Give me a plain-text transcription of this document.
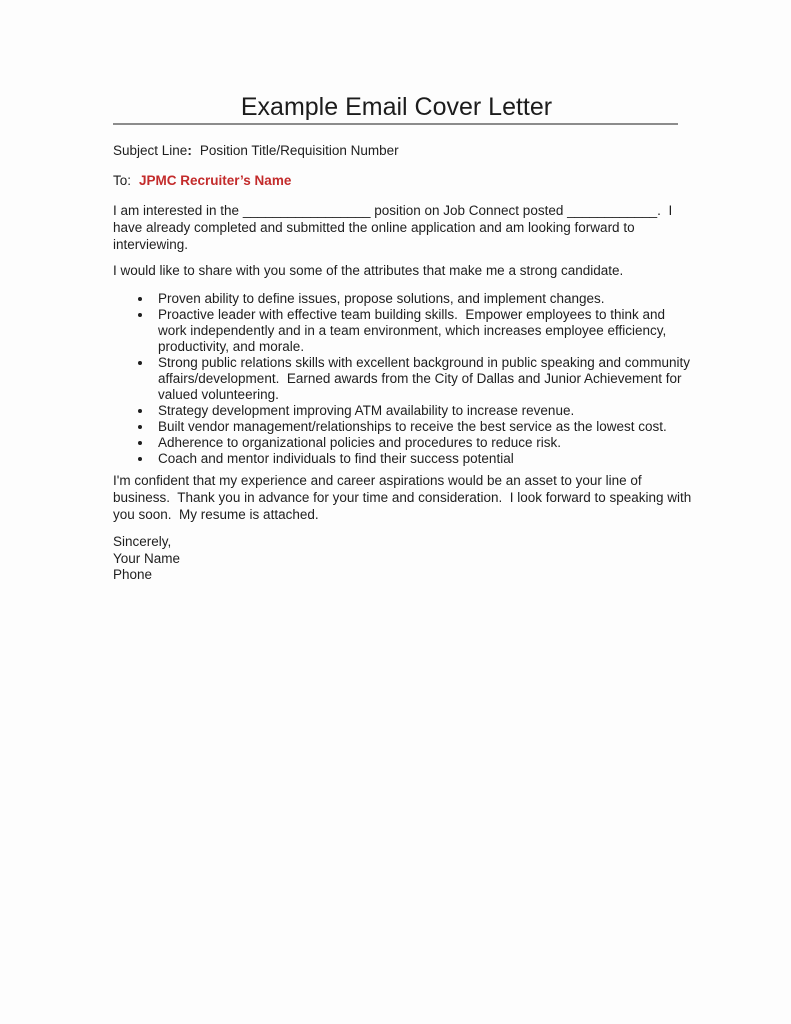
Example Email Cover Letter

Subject Line: Position Title/Requisition Number

To: JPMC Recruiter’s Name

I am interested in the _________________ position on Job Connect posted ____________.  I have already completed and submitted the online application and am looking forward to interviewing.

I would like to share with you some of the attributes that make me a strong candidate.

Proven ability to define issues, propose solutions, and implement changes.
Proactive leader with effective team building skills.  Empower employees to think and work independently and in a team environment, which increases employee efficiency, productivity, and morale.
Strong public relations skills with excellent background in public speaking and community affairs/development.  Earned awards from the City of Dallas and Junior Achievement for valued volunteering.
Strategy development improving ATM availability to increase revenue.
Built vendor management/relationships to receive the best service as the lowest cost.
Adherence to organizational policies and procedures to reduce risk.
Coach and mentor individuals to find their success potential

I'm confident that my experience and career aspirations would be an asset to your line of business.  Thank you in advance for your time and consideration.  I look forward to speaking with you soon.  My resume is attached.

Sincerely,

Your Name

Phone
